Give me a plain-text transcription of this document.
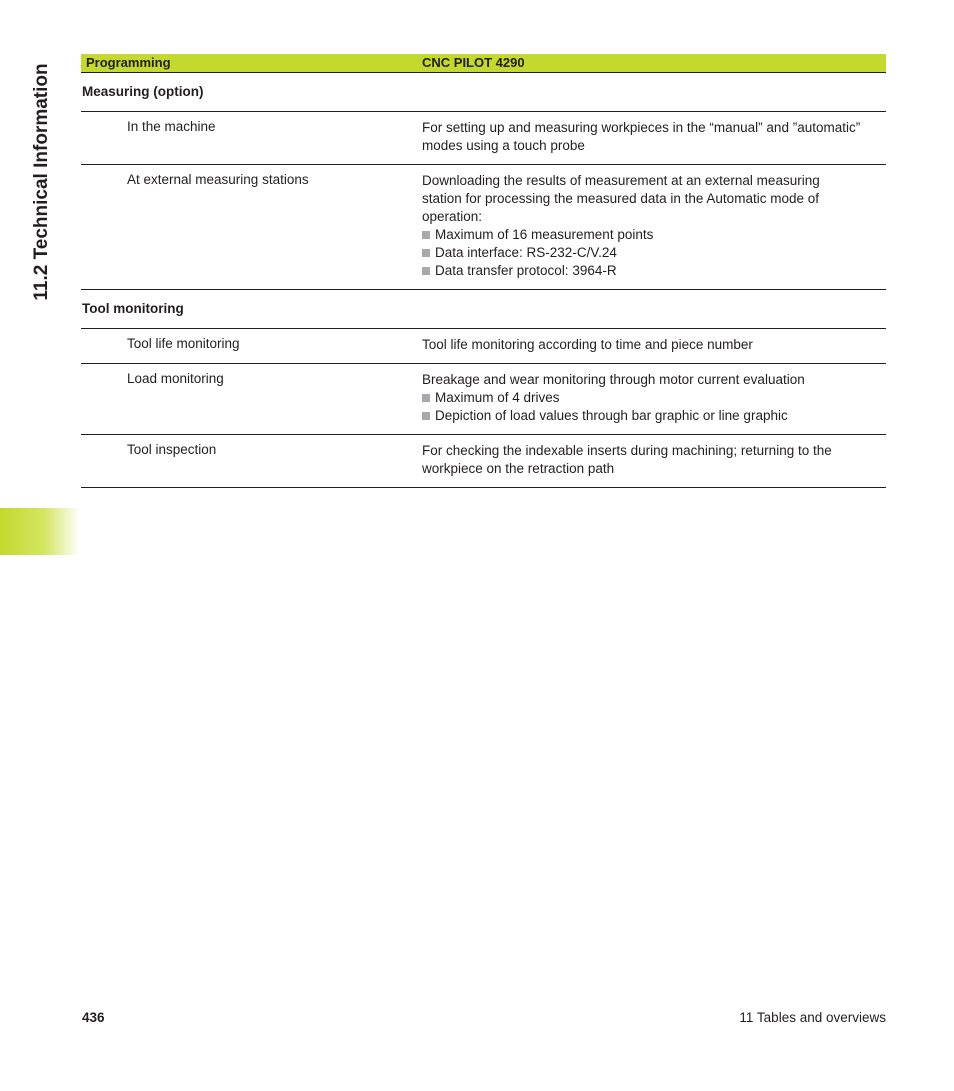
11.2 Technical Information
Programming	CNC PILOT 4290
Measuring (option)
In the machine	For setting up and measuring workpieces in the “manual” and ”automatic” modes using a touch probe
At external measuring stations	Downloading the results of measurement at an external measuring station for processing the measured data in the Automatic mode of operation:
Maximum of 16 measurement points
Data interface: RS-232-C/V.24
Data transfer protocol: 3964-R
Tool monitoring
Tool life monitoring	Tool life monitoring according to time and piece number
Load monitoring	Breakage and wear monitoring through motor current evaluation
Maximum of 4 drives
Depiction of load values through bar graphic or line graphic
Tool inspection	For checking the indexable inserts during machining; returning to the workpiece on the retraction path
436	11 Tables and overviews
